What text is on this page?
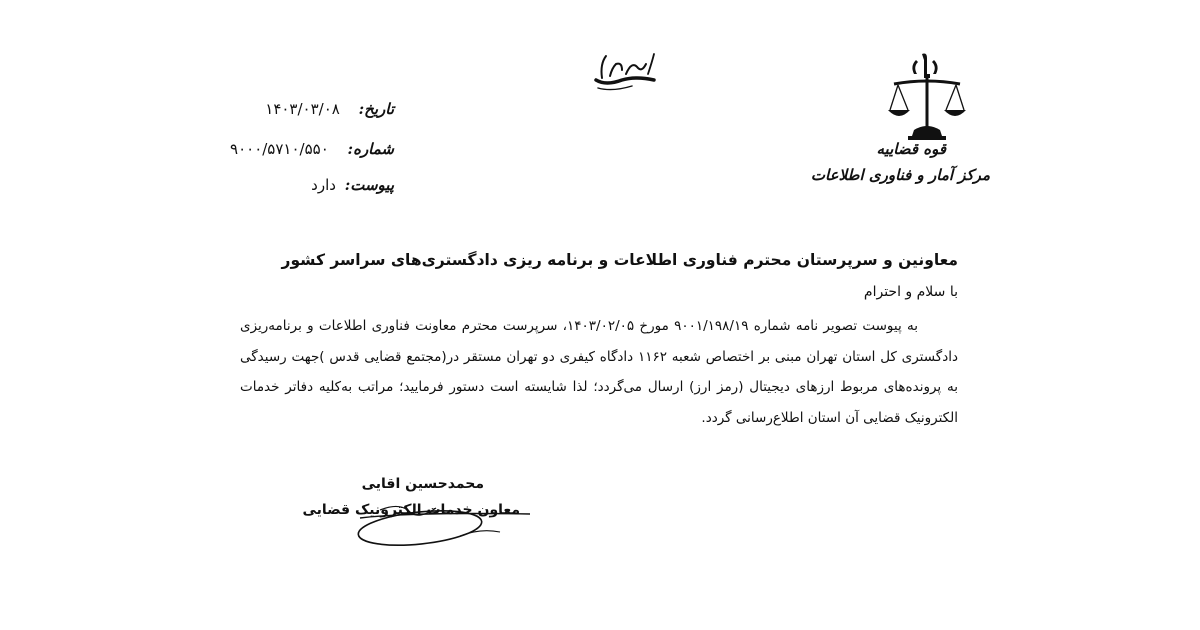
قوه قضاییه
مرکز آمار و فناوری اطلاعات
تاریخ: ۱۴۰۳/۰۳/۰۸
شماره: ۹۰۰۰/۵۷۱۰/۵۵۰
پیوست: دارد
معاونین و سرپرستان محترم فناوری اطلاعات و برنامه ریزی دادگستری‌های سراسر کشور
با سلام و احترام
به پیوست تصویر نامه شماره ۹۰۰۱/۱۹۸/۱۹ مورخ ۱۴۰۳/۰۲/۰۵، سرپرست محترم معاونت فناوری اطلاعات و برنامه‌ریزی دادگستری کل استان تهران مبنی بر اختصاص شعبه ۱۱۶۲ دادگاه کیفری دو تهران مستقر در(مجتمع قضایی قدس )جهت رسیدگی به پرونده‌های مربوط ارزهای دیجیتال (رمز ارز) ارسال می‌گردد؛ لذا شایسته است دستور فرمایید؛ مراتب به‌کلیه دفاتر خدمات الکترونیک قضایی آن استان اطلاع‌رسانی گردد.
محمدحسین اقایی
معاون خدمات الکترونیک قضایی
